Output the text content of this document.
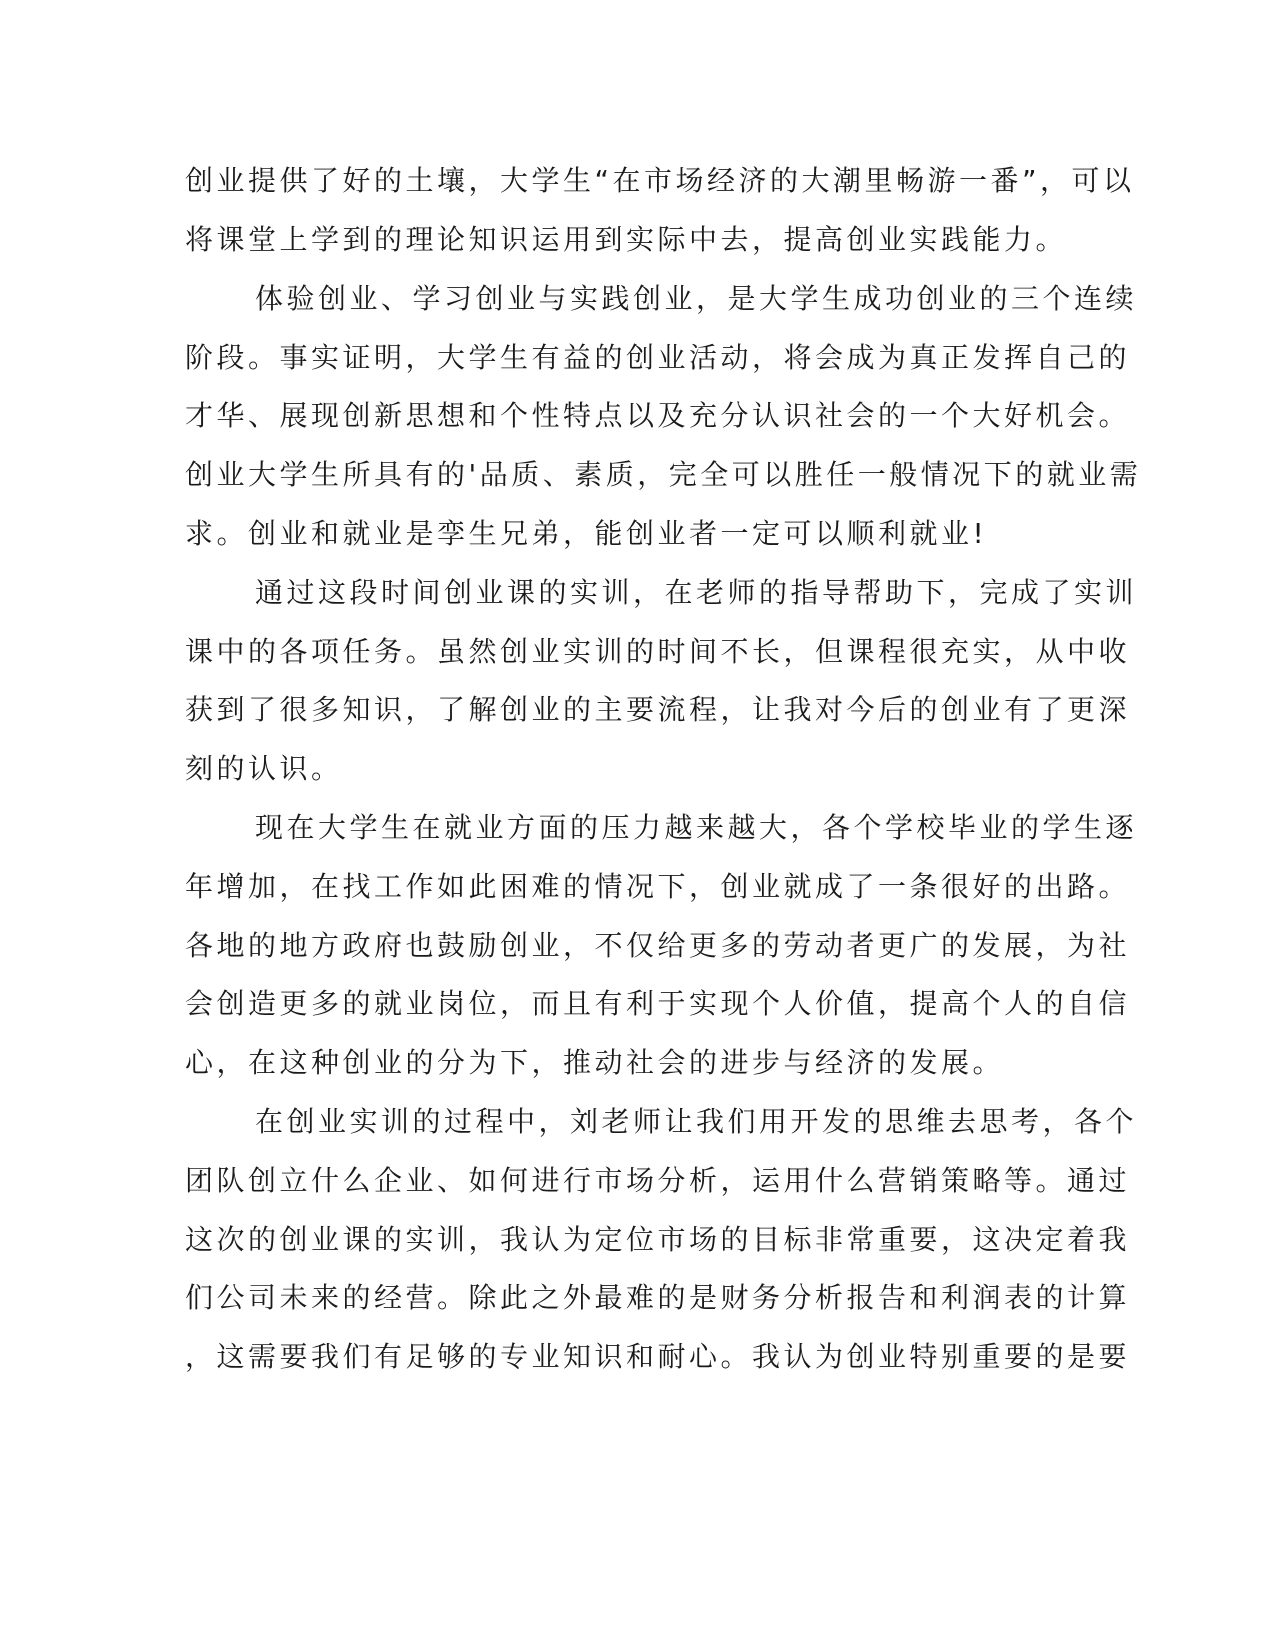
创业提供了好的土壤，大学生“在市场经济的大潮里畅游一番”，可以
将课堂上学到的理论知识运用到实际中去，提高创业实践能力。
体验创业、学习创业与实践创业，是大学生成功创业的三个连续
阶段。事实证明，大学生有益的创业活动，将会成为真正发挥自己的
才华、展现创新思想和个性特点以及充分认识社会的一个大好机会。
创业大学生所具有的'品质、素质，完全可以胜任一般情况下的就业需
求。创业和就业是孪生兄弟，能创业者一定可以顺利就业!
通过这段时间创业课的实训，在老师的指导帮助下，完成了实训
课中的各项任务。虽然创业实训的时间不长，但课程很充实，从中收
获到了很多知识，了解创业的主要流程，让我对今后的创业有了更深
刻的认识。
现在大学生在就业方面的压力越来越大，各个学校毕业的学生逐
年增加，在找工作如此困难的情况下，创业就成了一条很好的出路。
各地的地方政府也鼓励创业，不仅给更多的劳动者更广的发展，为社
会创造更多的就业岗位，而且有利于实现个人价值，提高个人的自信
心，在这种创业的分为下，推动社会的进步与经济的发展。
在创业实训的过程中，刘老师让我们用开发的思维去思考，各个
团队创立什么企业、如何进行市场分析，运用什么营销策略等。通过
这次的创业课的实训，我认为定位市场的目标非常重要，这决定着我
们公司未来的经营。除此之外最难的是财务分析报告和利润表的计算
，这需要我们有足够的专业知识和耐心。我认为创业特别重要的是要
